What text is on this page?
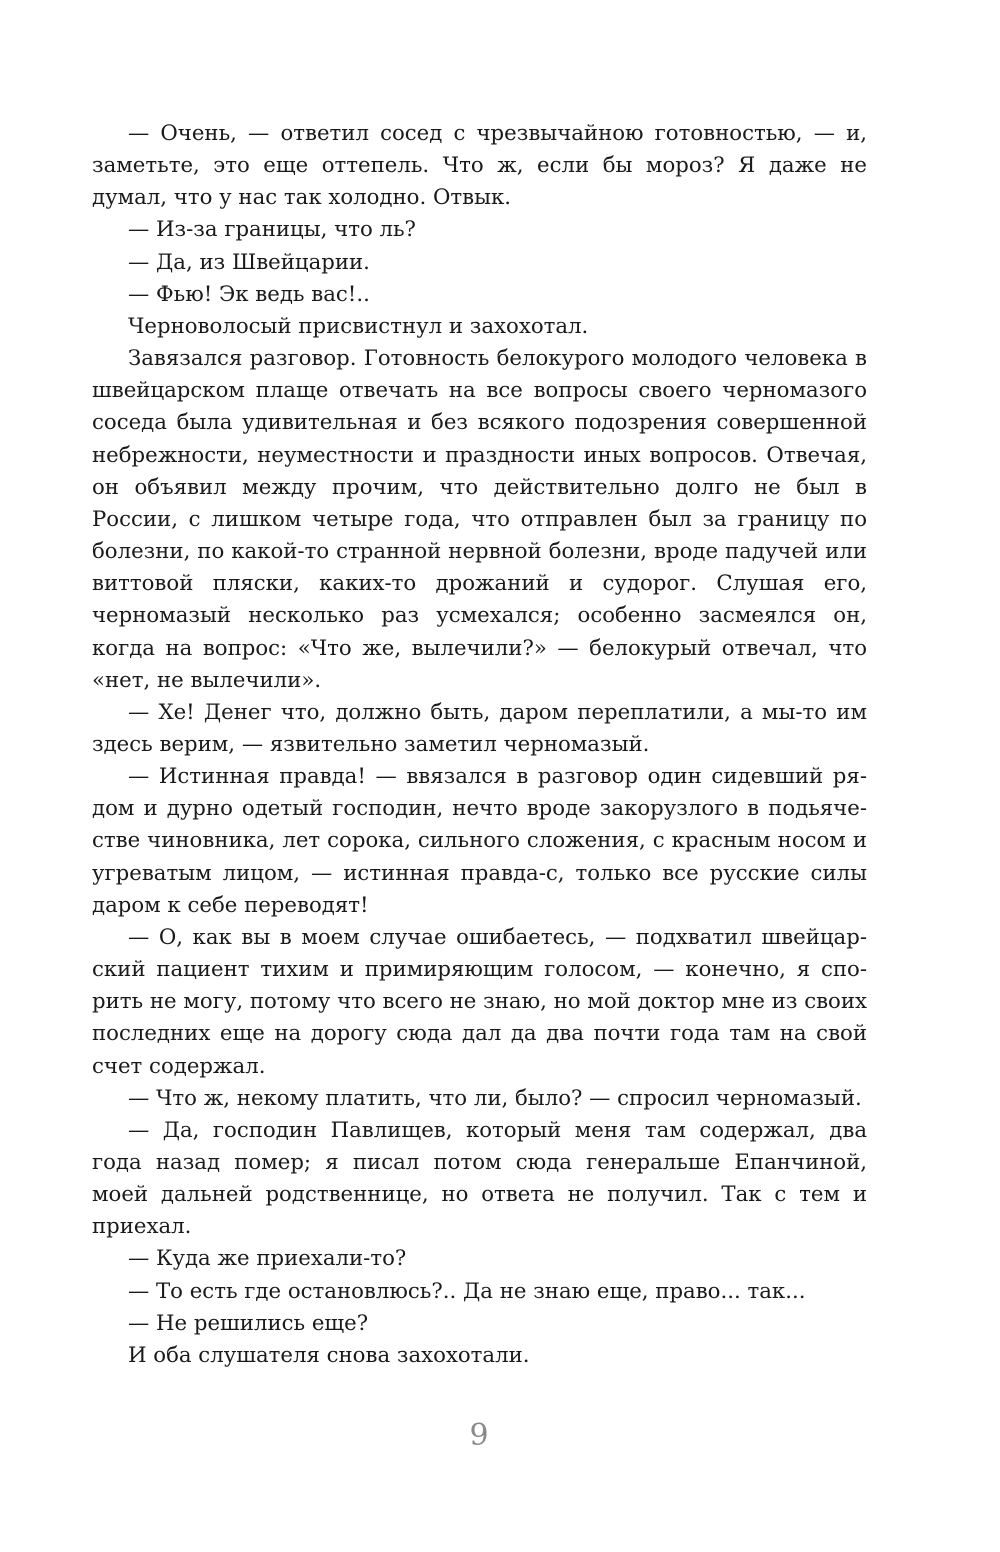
— Очень, — ответил сосед с чрезвычайною готовностью, — и, заметьте, это еще оттепель. Что ж, если бы мороз? Я даже не думал, что у нас так холодно. Отвык.

— Из-за границы, что ль?

— Да, из Швейцарии.

— Фью! Эк ведь вас!..

Черноволосый присвистнул и захохотал.

Завязался разговор. Готовность белокурого молодого человека в швейцарском плаще отвечать на все вопросы своего черномазого соседа была удивительная и без всякого подозрения совершенной небрежности, неуместности и праздности иных вопросов. Отвечая, он объявил между прочим, что действительно долго не был в России, с лишком четыре года, что отправлен был за границу по болезни, по какой-то странной нервной болезни, вроде падучей или виттовой пляски, каких-то дрожаний и судорог. Слушая его, черномазый несколько раз усмехался; особенно засмеялся он, когда на вопрос: «Что же, вылечили?» — белокурый отвечал, что «нет, не вылечили».

— Хе! Денег что, должно быть, даром переплатили, а мы-то им здесь верим, — язвительно заметил черномазый.

— Истинная правда! — ввязался в разговор один сидевший рядом и дурно одетый господин, нечто вроде закорузлого в подьячестве чиновника, лет сорока, сильного сложения, с красным носом и угреватым лицом, — истинная правда-с, только все русские силы даром к себе переводят!

— О, как вы в моем случае ошибаетесь, — подхватил швейцарский пациент тихим и примиряющим голосом, — конечно, я спорить не могу, потому что всего не знаю, но мой доктор мне из своих последних еще на дорогу сюда дал да два почти года там на свой счет содержал.

— Что ж, некому платить, что ли, было? — спросил черномазый.

— Да, господин Павлищев, который меня там содержал, два года назад помер; я писал потом сюда генеральше Епанчиной, моей дальней родственнице, но ответа не получил. Так с тем и приехал.

— Куда же приехали-то?

— То есть где остановлюсь?.. Да не знаю еще, право... так...

— Не решились еще?

И оба слушателя снова захохотали.

9
